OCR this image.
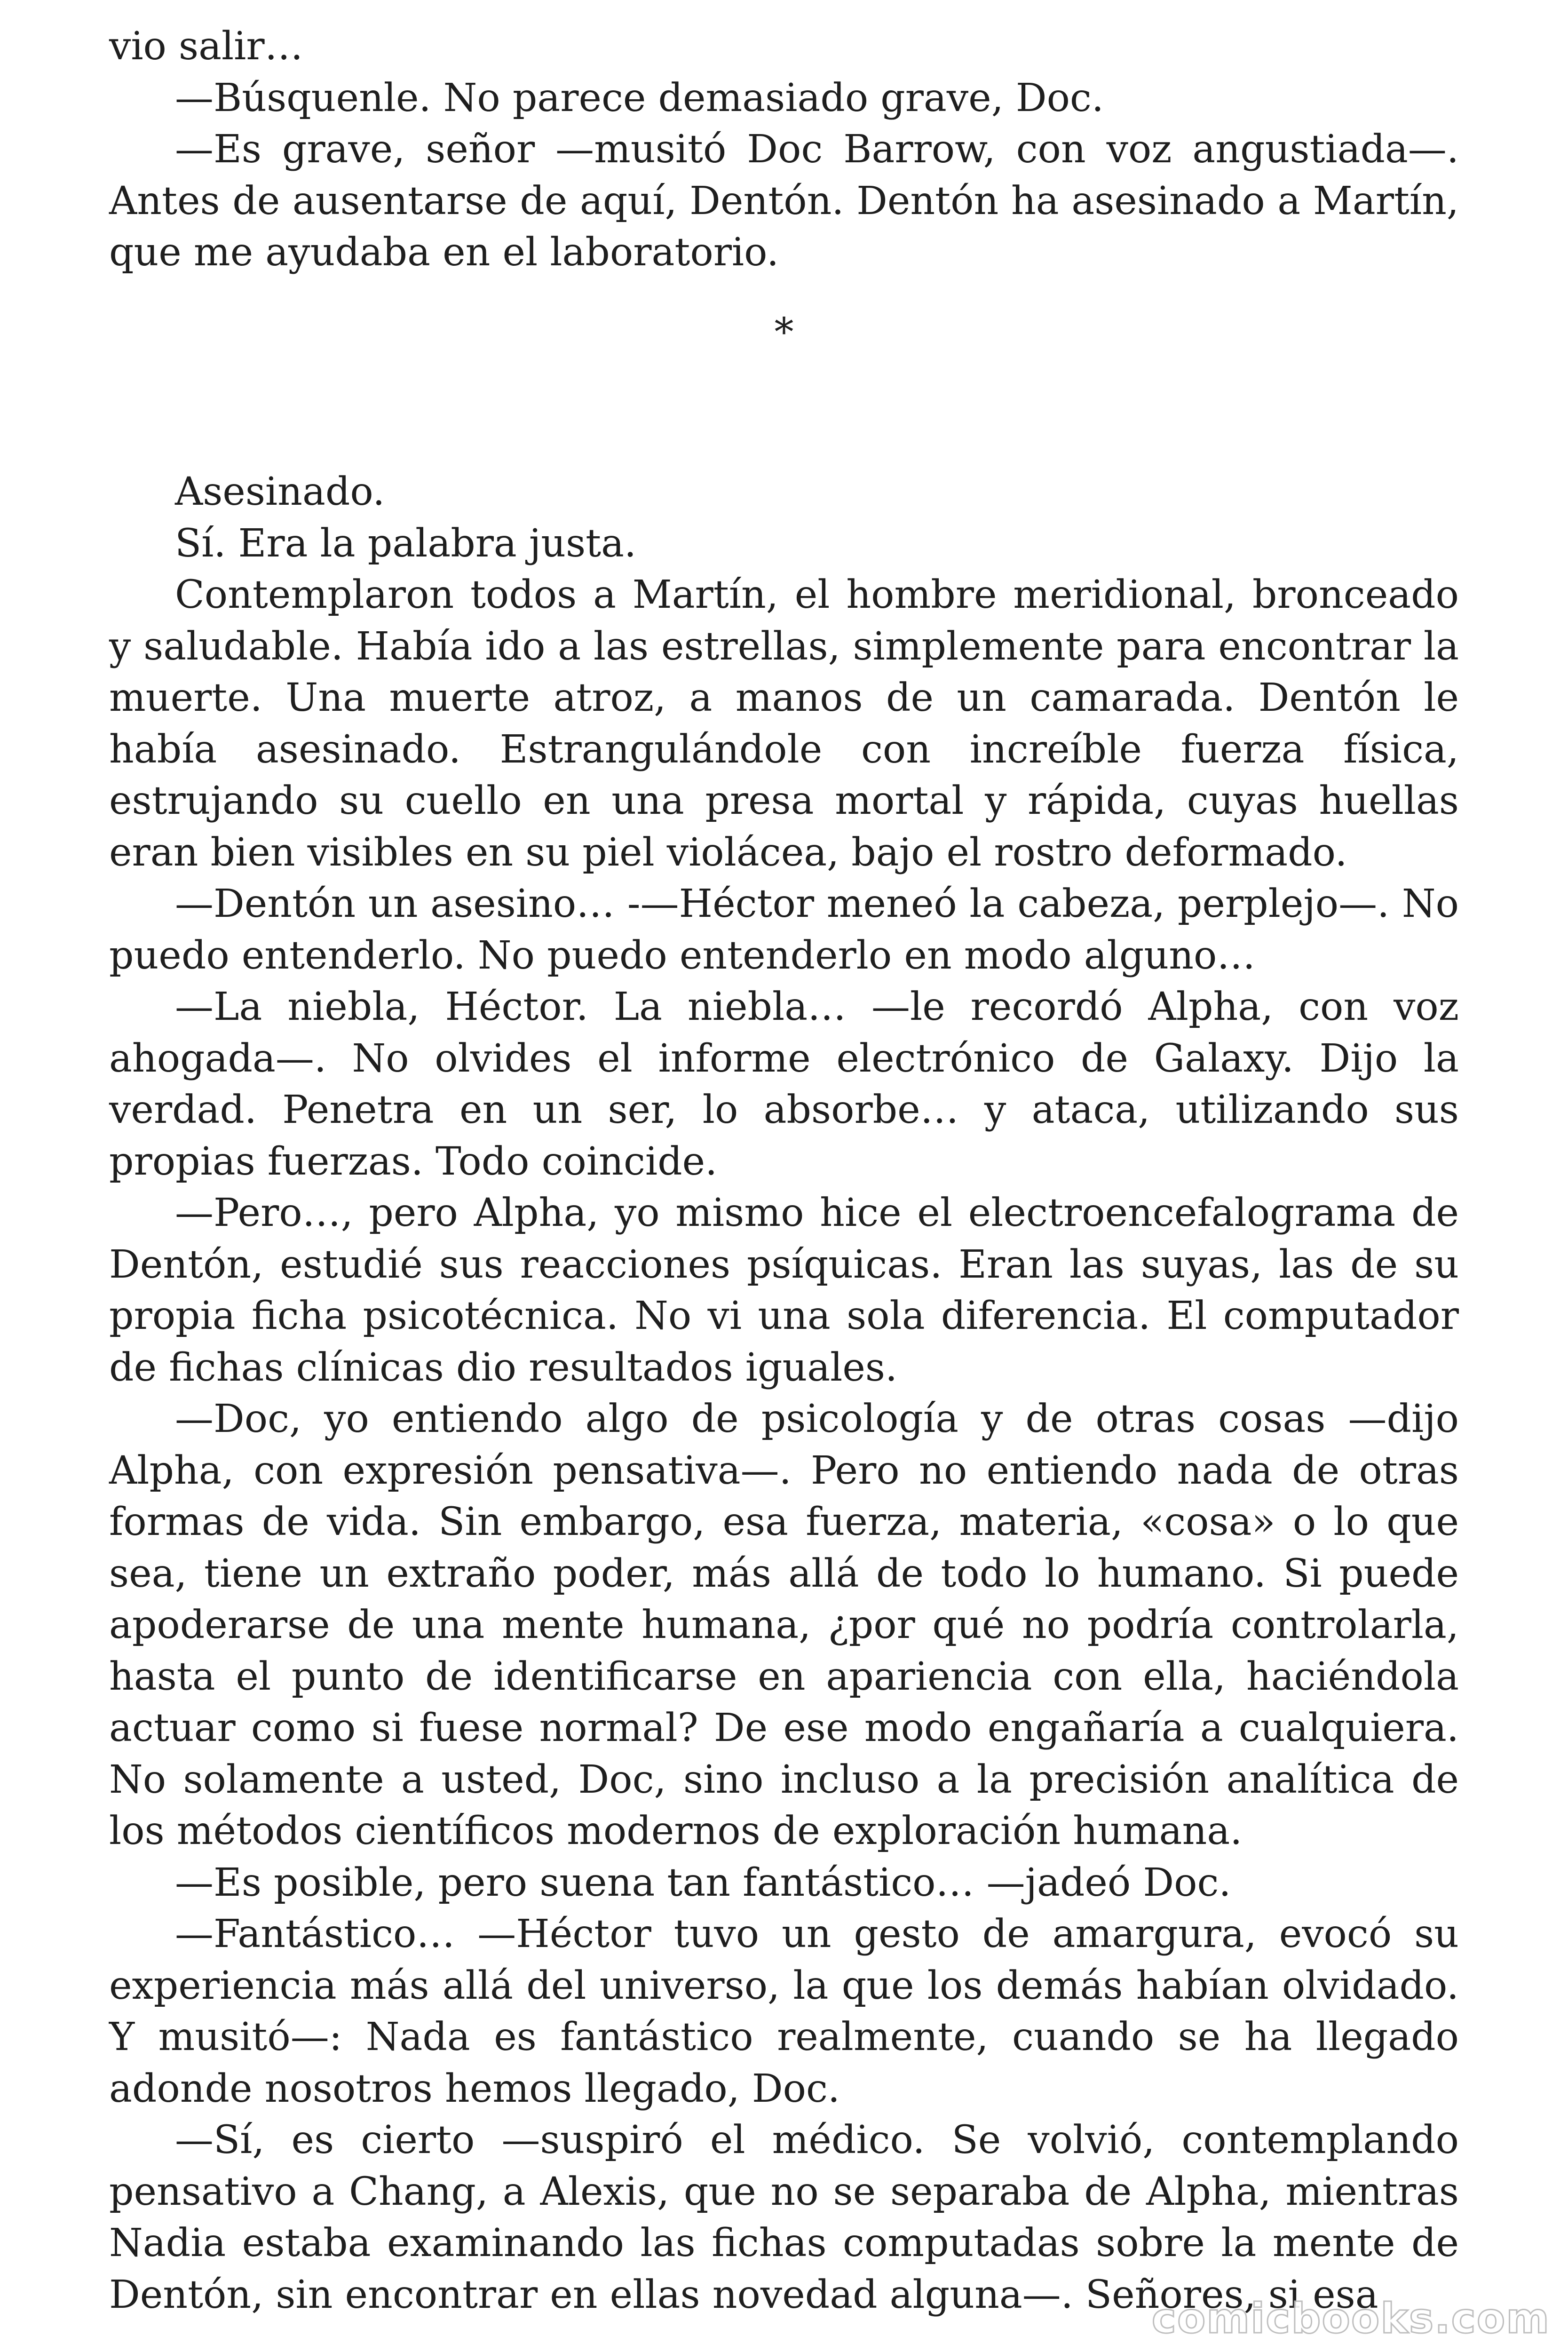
vio salir…

—Búsquenle. No parece demasiado grave, Doc.

—Es grave, señor —musitó Doc Barrow, con voz angustiada—. Antes de ausentarse de aquí, Dentón. Dentón ha asesinado a Martín, que me ayudaba en el laboratorio.

*

Asesinado.

Sí. Era la palabra justa.

Contemplaron todos a Martín, el hombre meridional, bronceado y saludable. Había ido a las estrellas, simplemente para encontrar la muerte. Una muerte atroz, a manos de un camarada. Dentón le había asesinado. Estrangulándole con increíble fuerza física, estrujando su cuello en una presa mortal y rápida, cuyas huellas eran bien visibles en su piel violácea, bajo el rostro deformado.

—Dentón un asesino… -—Héctor meneó la cabeza, perplejo—. No puedo entenderlo. No puedo entenderlo en modo alguno…

—La niebla, Héctor. La niebla… —le recordó Alpha, con voz ahogada—. No olvides el informe electrónico de Galaxy. Dijo la verdad. Penetra en un ser, lo absorbe… y ataca, utilizando sus propias fuerzas. Todo coincide.

—Pero…, pero Alpha, yo mismo hice el electroencefalograma de Dentón, estudié sus reacciones psíquicas. Eran las suyas, las de su propia ficha psicotécnica. No vi una sola diferencia. El computador de fichas clínicas dio resultados iguales.

—Doc, yo entiendo algo de psicología y de otras cosas —dijo Alpha, con expresión pensativa—. Pero no entiendo nada de otras formas de vida. Sin embargo, esa fuerza, materia, «cosa» o lo que sea, tiene un extraño poder, más allá de todo lo humano. Si puede apoderarse de una mente humana, ¿por qué no podría controlarla, hasta el punto de identificarse en apariencia con ella, haciéndola actuar como si fuese normal? De ese modo engañaría a cualquiera. No solamente a usted, Doc, sino incluso a la precisión analítica de los métodos científicos modernos de exploración humana.

—Es posible, pero suena tan fantástico… —jadeó Doc.

—Fantástico… —Héctor tuvo un gesto de amargura, evocó su experiencia más allá del universo, la que los demás habían olvidado. Y musitó—: Nada es fantástico realmente, cuando se ha llegado adonde nosotros hemos llegado, Doc.

—Sí, es cierto —suspiró el médico. Se volvió, contemplando pensativo a Chang, a Alexis, que no se separaba de Alpha, mientras Nadia estaba examinando las fichas computadas sobre la mente de Dentón, sin encontrar en ellas novedad alguna—. Señores, si esa

comicbooks.com
